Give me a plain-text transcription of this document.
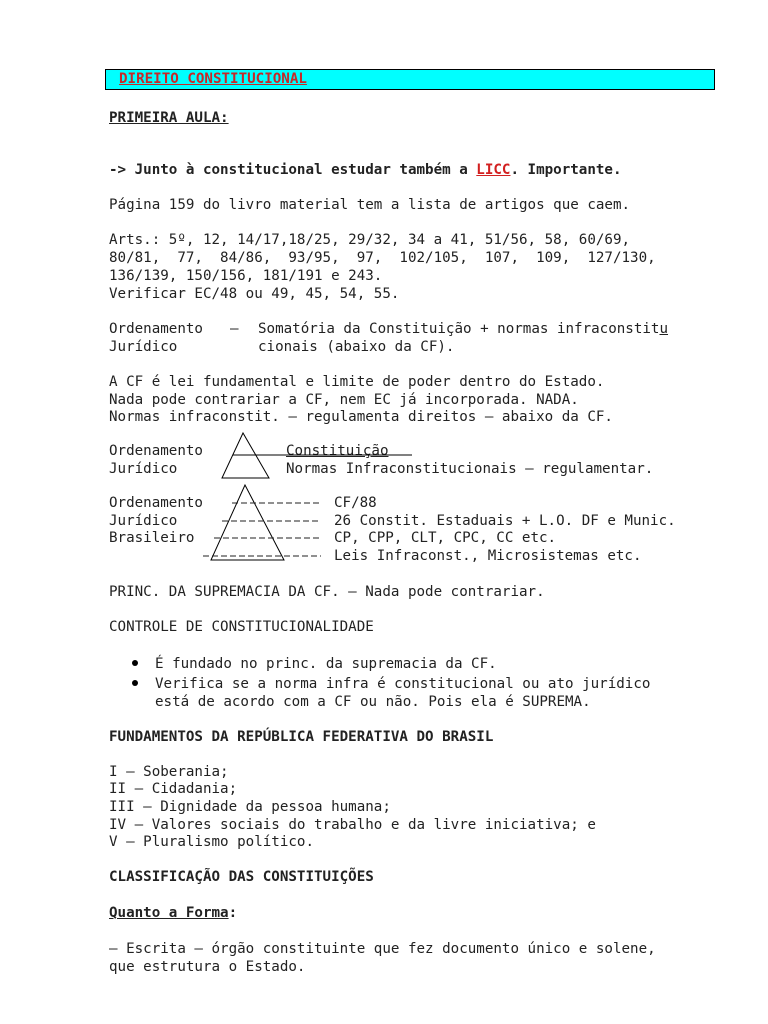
DIREITO CONSTITUCIONAL
PRIMEIRA AULA:
-> Junto à constitucional estudar também a LICC. Importante.
Página 159 do livro material tem a lista de artigos que caem.
Arts.: 5º, 12, 14/17,18/25, 29/32, 34 a 41, 51/56, 58, 60/69,
80/81,  77,  84/86,  93/95,  97,  102/105,  107,  109,  127/130,
136/139, 150/156, 181/191 e 243.
Verificar EC/48 ou 49, 45, 54, 55.
Ordenamento –
Jurídico
Somatória da Constituição + normas infraconstitu
cionais (abaixo da CF).
A CF é lei fundamental e limite de poder dentro do Estado.
Nada pode contrariar a CF, nem EC já incorporada. NADA.
Normas infraconstit. – regulamenta direitos – abaixo da CF.
Ordenamento
Jurídico
Constituição
Normas Infraconstitucionais – regulamentar.
Ordenamento
Jurídico
Brasileiro
CF/88
26 Constit. Estaduais + L.O. DF e Munic.
CP, CPP, CLT, CPC, CC etc.
Leis Infraconst., Microsistemas etc.
PRINC. DA SUPREMACIA DA CF. – Nada pode contrariar.
CONTROLE DE CONSTITUCIONALIDADE
É fundado no princ. da supremacia da CF.
Verifica se a norma infra é constitucional ou ato jurídico
está de acordo com a CF ou não. Pois ela é SUPREMA.
FUNDAMENTOS DA REPÚBLICA FEDERATIVA DO BRASIL
I – Soberania;
II – Cidadania;
III – Dignidade da pessoa humana;
IV – Valores sociais do trabalho e da livre iniciativa; e
V – Pluralismo político.
CLASSIFICAÇÃO DAS CONSTITUIÇÕES
Quanto a Forma:
– Escrita – órgão constituinte que fez documento único e solene,
que estrutura o Estado.
